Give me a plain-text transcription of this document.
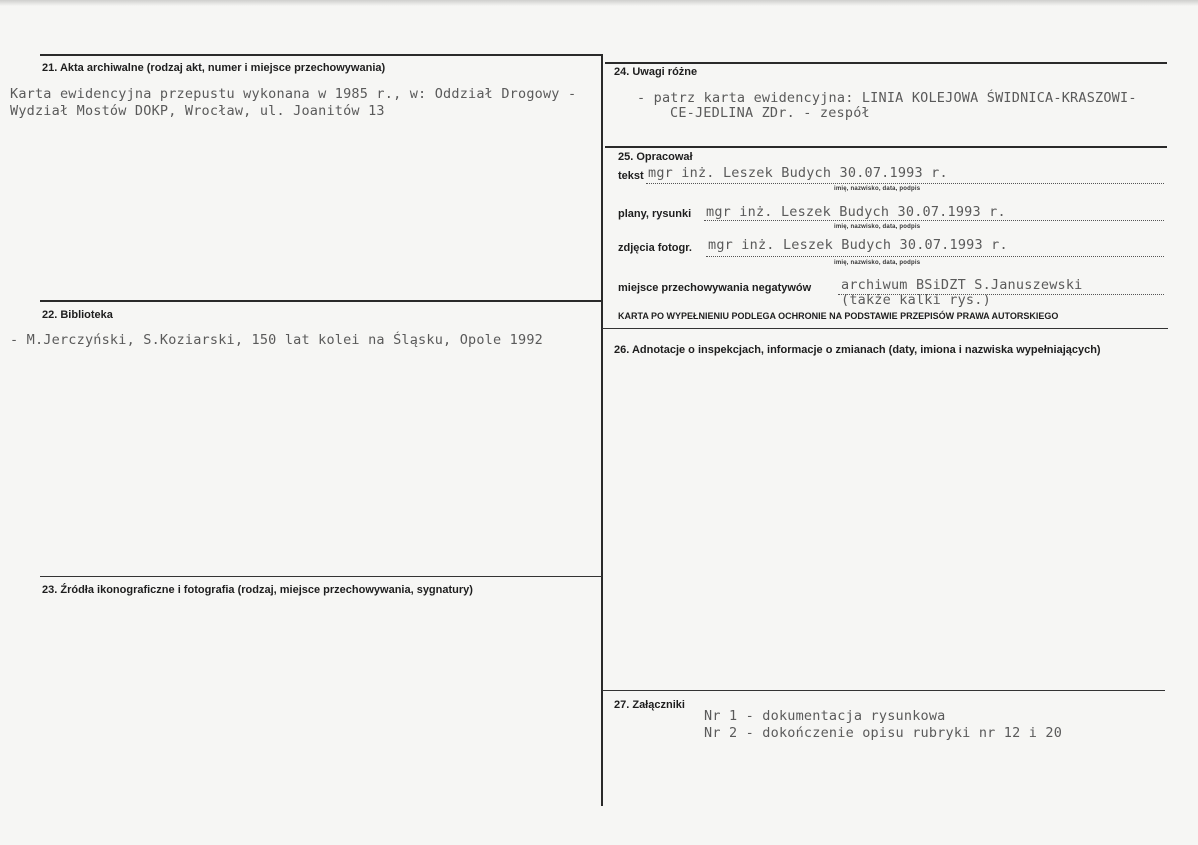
21. Akta archiwalne (rodzaj akt, numer i miejsce przechowywania)
Karta ewidencyjna przepustu wykonana w 1985 r., w: Oddział Drogowy -
Wydział Mostów DOKP, Wrocław, ul. Joanitów 13
22. Biblioteka
- M.Jerczyński, S.Koziarski, 150 lat kolei na Śląsku, Opole 1992
23. Źródła ikonograficzne i fotografia (rodzaj, miejsce przechowywania, sygnatury)
24. Uwagi różne
- patrz karta ewidencyjna: LINIA KOLEJOWA ŚWIDNICA-KRASZOWI-
CE-JEDLINA ZDr. - zespół
25. Opracował
tekst mgr inż. Leszek Budych 30.07.1993 r.
imię, nazwisko, data, podpis
plany, rysunki mgr inż. Leszek Budych 30.07.1993 r.
imię, nazwisko, data, podpis
zdjęcia fotogr. mgr inż. Leszek Budych 30.07.1993 r.
imię, nazwisko, data, podpis
miejsce przechowywania negatywów archiwum BSiDZT S.Januszewski
(także kalki rys.)
KARTA PO WYPEŁNIENIU PODLEGA OCHRONIE NA PODSTAWIE PRZEPISÓW PRAWA AUTORSKIEGO
26. Adnotacje o inspekcjach, informacje o zmianach (daty, imiona i nazwiska wypełniających)
27. Załączniki
Nr 1 - dokumentacja rysunkowa
Nr 2 - dokończenie opisu rubryki nr 12 i 20
